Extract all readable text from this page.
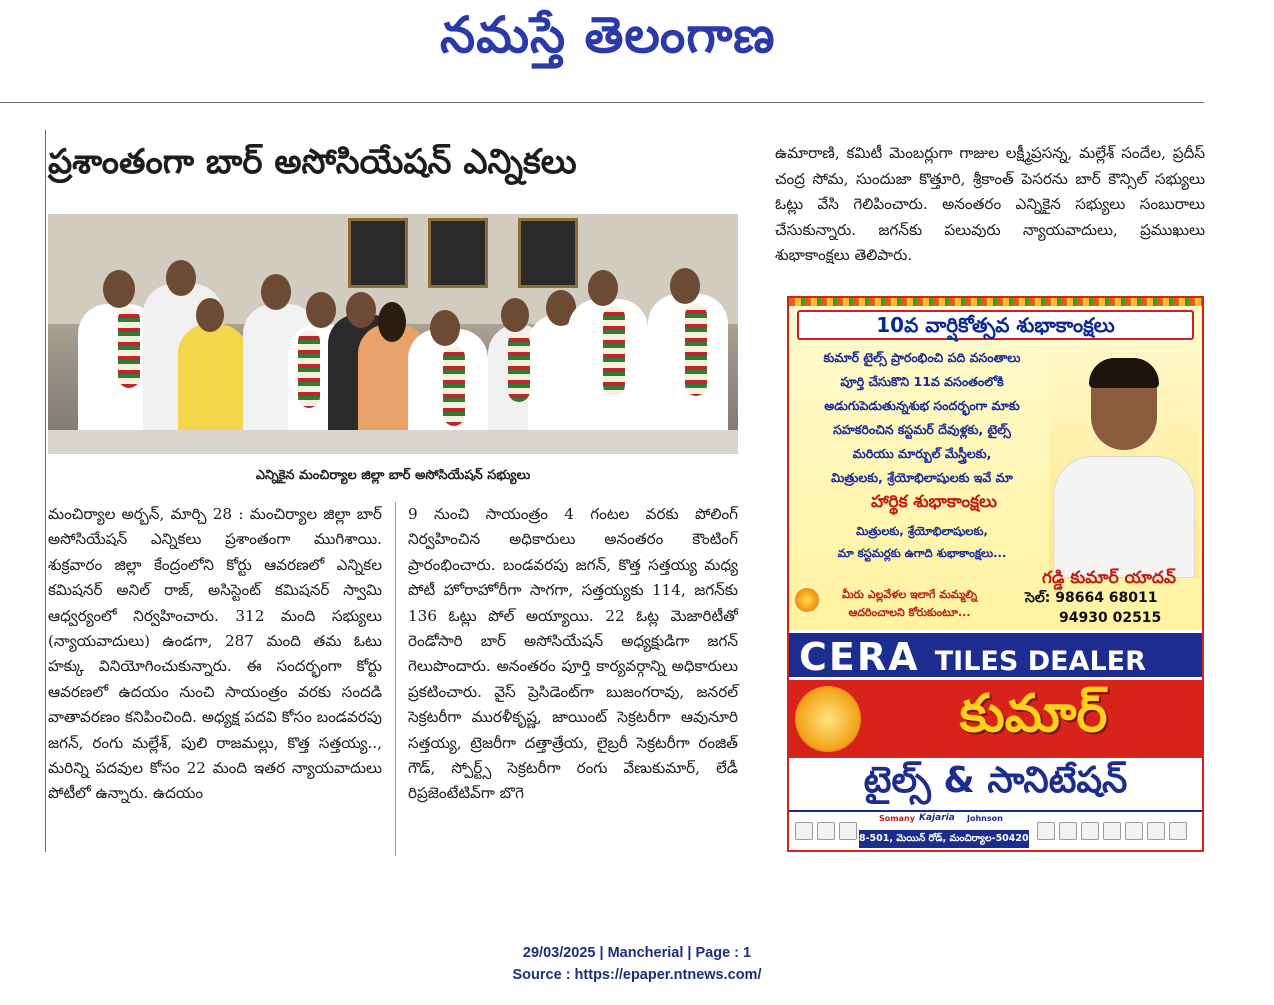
నమస్తే తెలంగాణ
ప్రశాంతంగా బార్ అసోసియేషన్ ఎన్నికలు
ఎన్నికైన మంచిర్యాల జిల్లా బార్ అసోసియేషన్ సభ్యులు
మంచిర్యాల అర్బన్, మార్చి 28 : మంచిర్యాల జిల్లా బార్ అసోసియేషన్ ఎన్నికలు ప్రశాంతంగా ముగిశాయి. శుక్రవారం జిల్లా కేంద్రంలోని కోర్టు ఆవరణలో ఎన్నికల కమిషనర్ అనిల్ రాజ్, అసిస్టెంట్ కమిషనర్ స్వామి ఆధ్వర్యంలో నిర్వహించారు. 312 మంది సభ్యులు (న్యాయవాదులు) ఉండగా, 287 మంది తమ ఓటు హక్కు వినియోగించుకున్నారు. ఈ సందర్భంగా కోర్టు ఆవరణలో ఉదయం నుంచి సాయంత్రం వరకు సందడి వాతావరణం కనిపించింది. అధ్యక్ష పదవి కోసం బండవరపు జగన్, రంగు మల్లేశ్, పులి రాజమల్లు, కొత్త సత్తయ్య.., మరిన్ని పదవుల కోసం 22 మంది ఇతర న్యాయవాదులు పోటీలో ఉన్నారు. ఉదయం
9 నుంచి సాయంత్రం 4 గంటల వరకు పోలింగ్ నిర్వహించిన అధికారులు అనంతరం కౌంటింగ్ ప్రారంభించారు. బండవరపు జగన్, కొత్త సత్తయ్య మధ్య పోటీ హోరాహోరీగా సాగగా, సత్తయ్యకు 114, జగన్‌కు 136 ఓట్లు పోల్ అయ్యాయి. 22 ఓట్ల మెజారిటీతో రెండోసారి బార్ అసోసియేషన్ అధ్యక్షుడిగా జగన్ గెలుపొందారు. అనంతరం పూర్తి కార్యవర్గాన్ని అధికారులు ప్రకటించారు. వైస్ ప్రెసిడెంట్‌గా బుజంగరావు, జనరల్ సెక్రటరీగా మురళీకృష్ణ, జాయింట్ సెక్రటరీగా ఆవునూరి సత్తయ్య, ట్రెజరీగా దత్తాత్రేయ, లైబ్రరీ సెక్రటరీగా రంజిత్ గౌడ్, స్పోర్ట్స్ సెక్రటరీగా రంగు వేణుకుమార్, లేడీ రిప్రజెంటేటివ్‌గా బొగె
ఉమారాణి, కమిటీ మెంబర్లుగా గాజుల లక్ష్మీప్రసన్న, మల్లేశ్ సందేల, ప్రదీస్ చంద్ర సోమ, సుందుజా కొత్తూరి, శ్రీకాంత్ పెసరను బార్ కౌన్సిల్ సభ్యులు ఓట్లు వేసి గెలిపించారు. అనంతరం ఎన్నికైన సభ్యులు సంబురాలు చేసుకున్నారు. జగన్‌కు పలువురు న్యాయవాదులు, ప్రముఖులు శుభాకాంక్షలు తెలిపారు.
10వ వార్షికోత్సవ శుభాకాంక్షలు
కుమార్ టైల్స్ ప్రారంభించి పది వసంతాలు
పూర్తి చేసుకొని 11వ వసంతంలోకి
అడుగుపెడుతున్నశుభ సందర్భంగా మాకు
సహకరించిన కస్టమర్ దేవుళ్లకు, టైల్స్
మరియు మార్బుల్ మేస్త్రీలకు,
మిత్రులకు, శ్రేయోభిలాషులకు ఇవే మా
హార్థిక శుభాకాంక్షలు
మిత్రులకు, శ్రేయోభిలాషులకు,
మా కస్టమర్లకు ఉగాది శుభాకాంక్షలు...
గడ్డి కుమార్ యాదవ్
సెల్: 98664 68011
94930 02515
మీరు ఎల్లవేళల ఇలాగే మమ్మల్ని
ఆదరించాలని కోరుకుంటూ...
CERA TILES DEALER
కుమార్
టైల్స్ & సానిటేషన్
Somany Kajaria Johnson
8-501, మెయిన్ రోడ్, మంచిర్యాల-504208
29/03/2025 | Mancherial | Page : 1
Source : https://epaper.ntnews.com/
